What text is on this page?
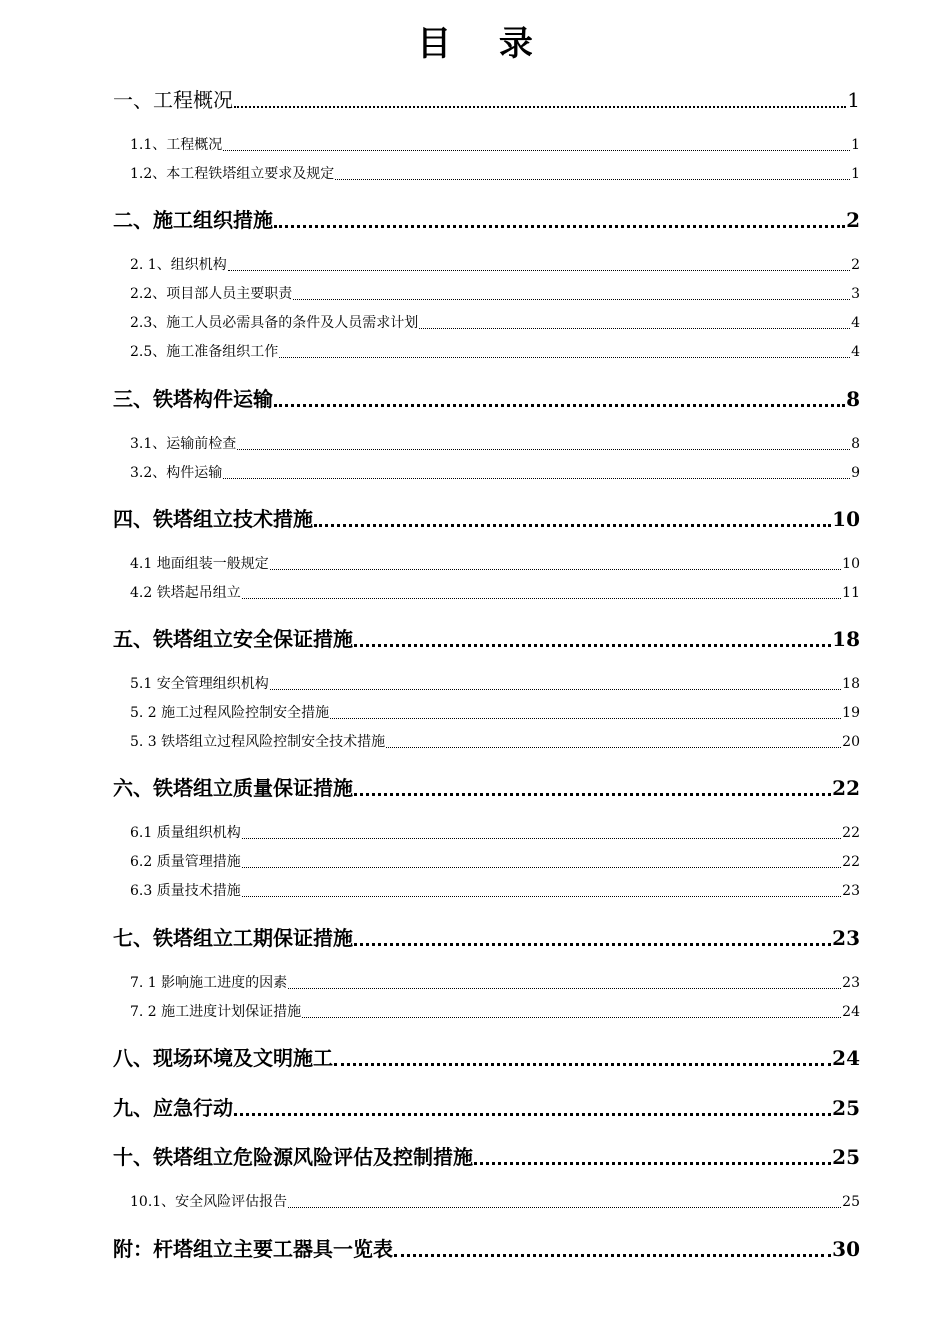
目 录
一、工程概况	1
1.1、工程概况	1
1.2、本工程铁塔组立要求及规定	1
二、施工组织措施	2
2. 1、组织机构	2
2.2、项目部人员主要职责	3
2.3、施工人员必需具备的条件及人员需求计划	4
2.5、施工准备组织工作	4
三、铁塔构件运输	8
3.1、运输前检查	8
3.2、构件运输	9
四、铁塔组立技术措施	10
4.1 地面组装一般规定	10
4.2 铁塔起吊组立	11
五、铁塔组立安全保证措施	18
5.1 安全管理组织机构	18
5. 2 施工过程风险控制安全措施	19
5. 3 铁塔组立过程风险控制安全技术措施	20
六、铁塔组立质量保证措施	22
6.1 质量组织机构	22
6.2 质量管理措施	22
6.3 质量技术措施	23
七、铁塔组立工期保证措施	23
7. 1 影响施工进度的因素	23
7. 2 施工进度计划保证措施	24
八、现场环境及文明施工	24
九、应急行动	25
十、铁塔组立危险源风险评估及控制措施	25
10.1、安全风险评估报告	25
附：杆塔组立主要工器具一览表	30
